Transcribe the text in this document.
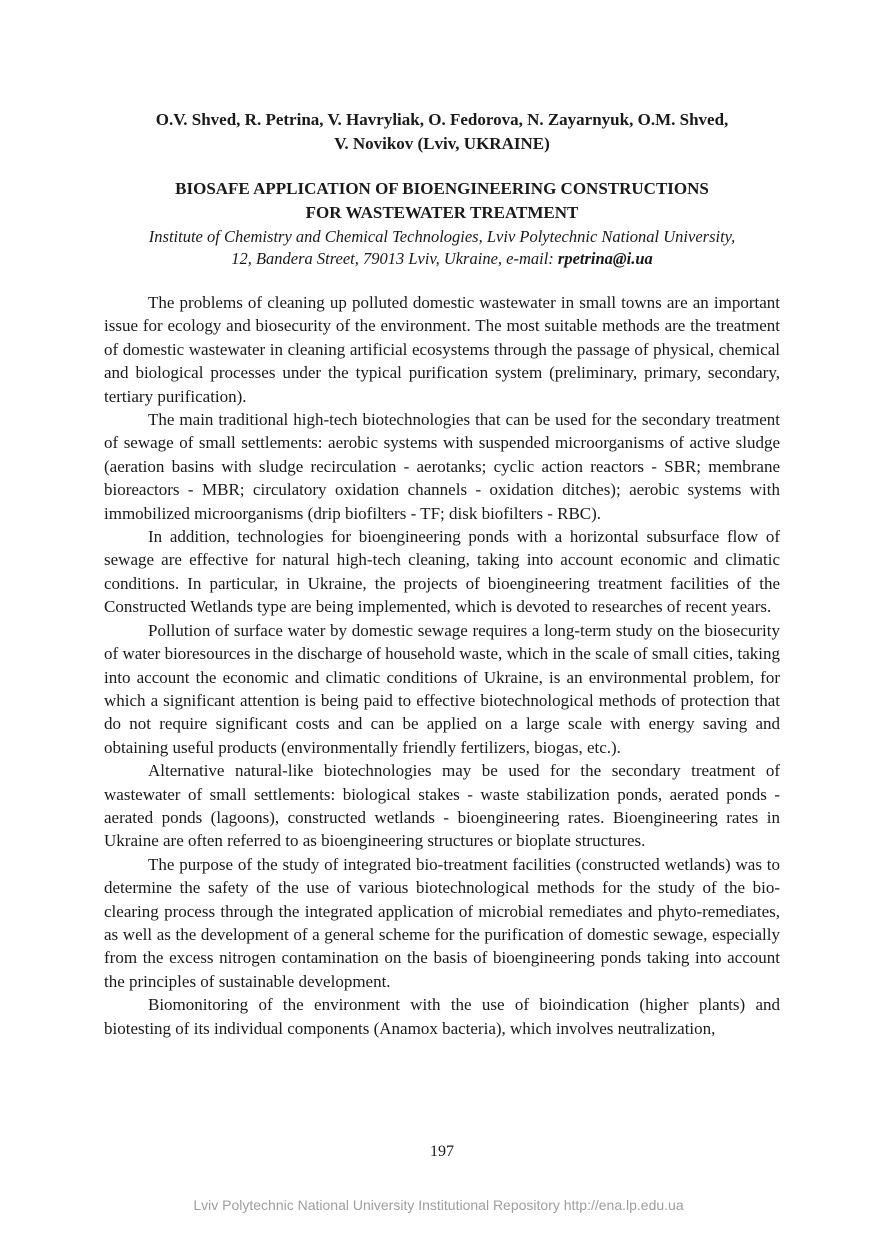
O.V. Shved, R. Petrina, V. Havryliak, O. Fedorova, N. Zayarnyuk, O.M. Shved,
V. Novikov (Lviv, UKRAINE)
BIOSAFE APPLICATION OF BIOENGINEERING CONSTRUCTIONS
FOR WASTEWATER TREATMENT
Institute of Chemistry and Chemical Technologies, Lviv Polytechnic National University,
12, Bandera Street, 79013 Lviv, Ukraine, e-mail: rpetrina@i.ua

The problems of cleaning up polluted domestic wastewater in small towns are an important issue for ecology and biosecurity of the environment. The most suitable methods are the treatment of domestic wastewater in cleaning artificial ecosystems through the passage of physical, chemical and biological processes under the typical purification system (preliminary, primary, secondary, tertiary purification).

The main traditional high-tech biotechnologies that can be used for the secondary treatment of sewage of small settlements: aerobic systems with suspended microorganisms of active sludge (aeration basins with sludge recirculation - aerotanks; cyclic action reactors - SBR; membrane bioreactors - MBR; circulatory oxidation channels - oxidation ditches); aerobic systems with immobilized microorganisms (drip biofilters - TF; disk biofilters - RBC).

In addition, technologies for bioengineering ponds with a horizontal subsurface flow of sewage are effective for natural high-tech cleaning, taking into account economic and climatic conditions. In particular, in Ukraine, the projects of bioengineering treatment facilities of the Constructed Wetlands type are being implemented, which is devoted to researches of recent years.

Pollution of surface water by domestic sewage requires a long-term study on the biosecurity of water bioresources in the discharge of household waste, which in the scale of small cities, taking into account the economic and climatic conditions of Ukraine, is an environmental problem, for which a significant attention is being paid to effective biotechnological methods of protection that do not require significant costs and can be applied on a large scale with energy saving and obtaining useful products (environmentally friendly fertilizers, biogas, etc.).

Alternative natural-like biotechnologies may be used for the secondary treatment of wastewater of small settlements: biological stakes - waste stabilization ponds, aerated ponds - aerated ponds (lagoons), constructed wetlands - bioengineering rates. Bioengineering rates in Ukraine are often referred to as bioengineering structures or bioplate structures.

The purpose of the study of integrated bio-treatment facilities (constructed wetlands) was to determine the safety of the use of various biotechnological methods for the study of the bio-clearing process through the integrated application of microbial remediates and phyto-remediates, as well as the development of a general scheme for the purification of domestic sewage, especially from the excess nitrogen contamination on the basis of bioengineering ponds taking into account the principles of sustainable development.

Biomonitoring of the environment with the use of bioindication (higher plants) and biotesting of its individual components (Anamox bacteria), which involves neutralization,

197
Lviv Polytechnic National University Institutional Repository http://ena.lp.edu.ua
